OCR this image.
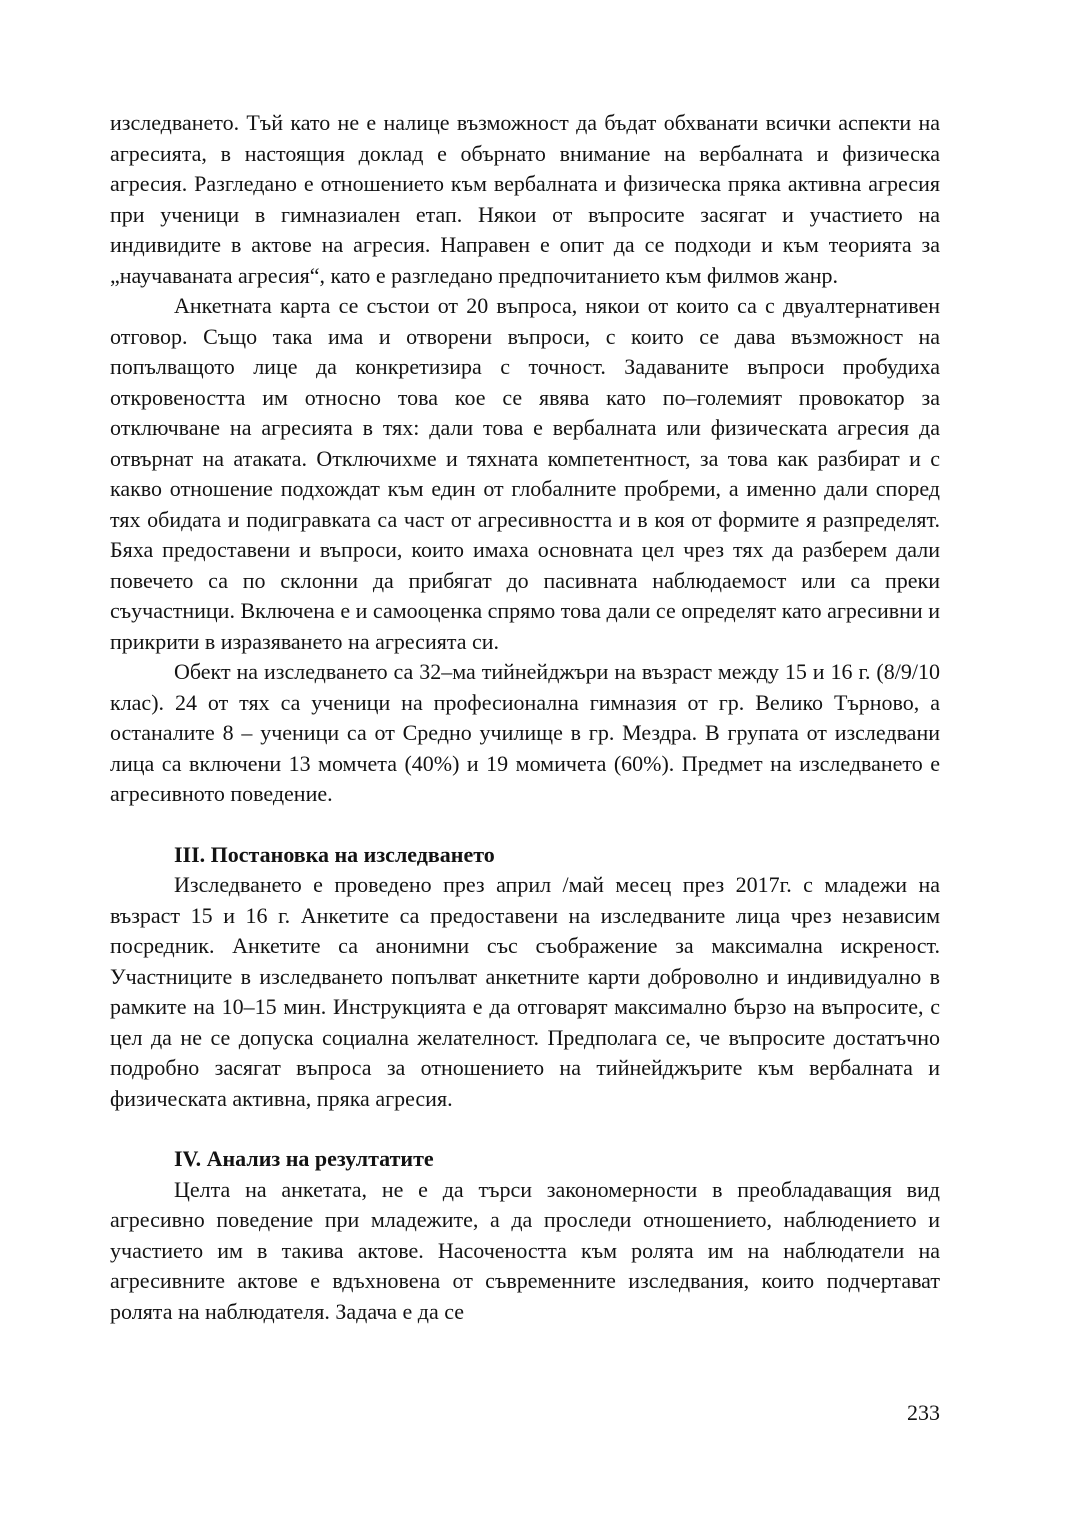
изследването. Тъй като не е налице възможност да бъдат обхванати всички аспекти на агресията, в настоящия доклад е обърнато внимание на вербалната и физическа агресия. Разгледано е отношението към вербалната и физическа пряка активна агресия при ученици в гимназиален етап. Някои от въпросите засягат и участието на индивидите в актове на агресия. Направен е опит да се подходи и към теорията за „научаваната агресия“, като е разгледано предпочитанието към филмов жанр.

Анкетната карта се състои от 20 въпроса, някои от които са с двуалтернативен отговор. Също така има и отворени въпроси, с които се дава възможност на попълващото лице да конкретизира с точност. Задаваните въпроси пробудиха откровеността им относно това кое се явява като по–големият провокатор за отключване на агресията в тях: дали това е вербалната или физическата агресия да отвърнат на атаката. Отключихме и тяхната компетентност, за това как разбират и с какво отношение подхождат към един от глобалните пробреми, а именно дали според тях обидата и подигравката са част от агресивността и в коя от формите я разпределят. Бяха предоставени и въпроси, които имаха основната цел чрез тях да разберем дали повечето са по склонни да прибягат до пасивната наблюдаемост или са преки съучастници. Включена е и самооценка спрямо това дали се определят като агресивни и прикрити в изразяването на агресията си.

Обект на изследването са 32–ма тийнейджъри на възраст между 15 и 16 г. (8/9/10 клас). 24 от тях са ученици на професионална гимназия от гр. Велико Търново, а останалите 8 – ученици са от Средно училище в гр. Мездра. В групата от изследвани лица са включени 13 момчета (40%) и 19 момичета (60%). Предмет на изследването е агресивното поведение.

III. Постановка на изследването

Изследването е проведено през април /май месец през 2017г. с младежи на възраст 15 и 16 г. Анкетите са предоставени на изследваните лица чрез независим посредник. Анкетите са анонимни със съображение за максимална искреност. Участниците в изследването попълват анкетните карти доброволно и индивидуално в рамките на 10–15 мин. Инструкцията е да отговарят максимално бързо на въпросите, с цел да не се допуска социална желателност. Предполага се, че въпросите достатъчно подробно засягат въпроса за отношението на тийнейджърите към вербалната и физическата активна, пряка агресия.

IV. Анализ на резултатите

Целта на анкетата, не е да търси закономерности в преобладаващия вид агресивно поведение при младежите, а да проследи отношението, наблюдението и участието им в такива актове. Насочеността към ролята им на наблюдатели на агресивните актове е вдъхновена от съвременните изследвания, които подчертават ролята на наблюдателя. Задача е да се

233
